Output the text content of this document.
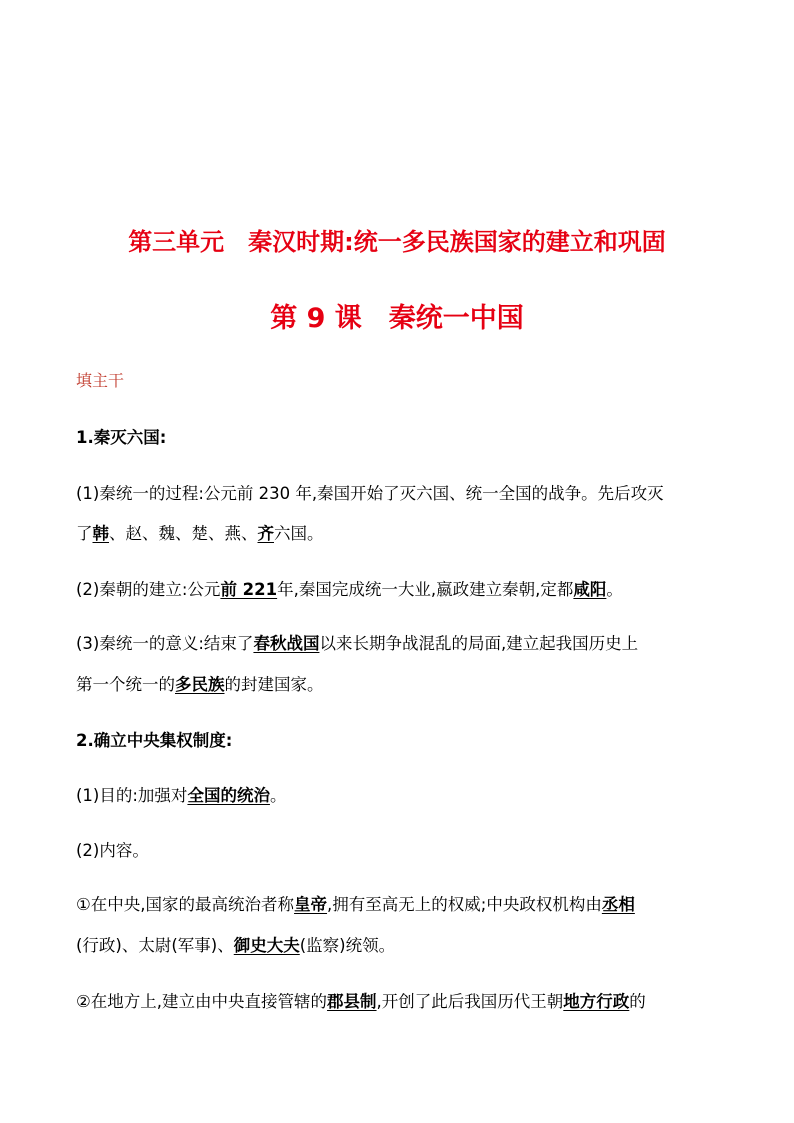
第三单元　秦汉时期:统一多民族国家的建立和巩固
第 9 课　秦统一中国
填主干
1.秦灭六国:
(1)秦统一的过程:公元前 230 年,秦国开始了灭六国、统一全国的战争。先后攻灭
了韩、赵、魏、楚、燕、齐六国。
(2)秦朝的建立:公元前 221年,秦国完成统一大业,嬴政建立秦朝,定都咸阳。
(3)秦统一的意义:结束了春秋战国以来长期争战混乱的局面,建立起我国历史上
第一个统一的多民族的封建国家。
2.确立中央集权制度:
(1)目的:加强对全国的统治。
(2)内容。
①在中央,国家的最高统治者称皇帝,拥有至高无上的权威;中央政权机构由丞相
(行政)、太尉(军事)、御史大夫(监察)统领。
②在地方上,建立由中央直接管辖的郡县制,开创了此后我国历代王朝地方行政的
